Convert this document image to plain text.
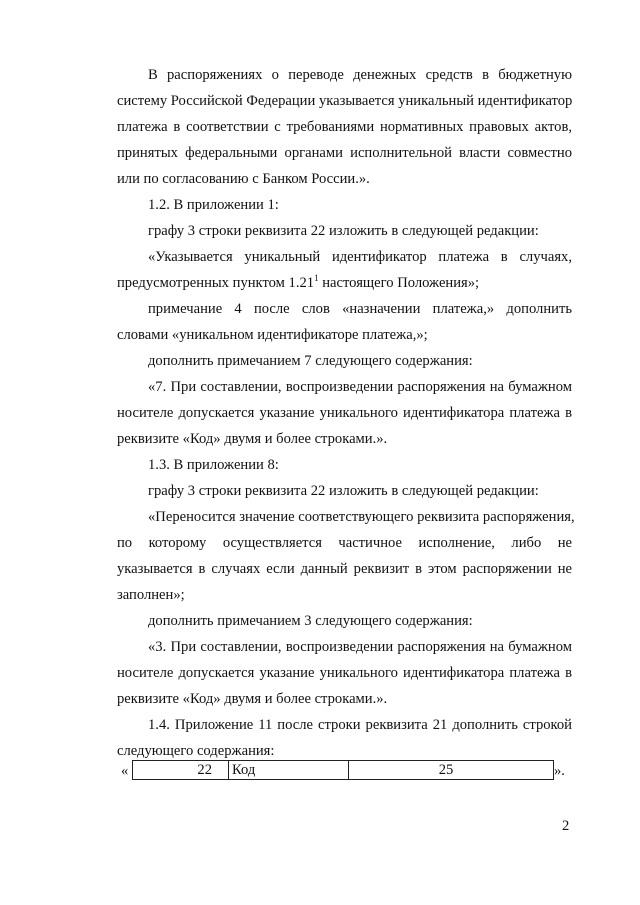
В распоряжениях о переводе денежных средств в бюджетную
систему Российской Федерации указывается уникальный идентификатор
платежа в соответствии с требованиями нормативных правовых актов,
принятых федеральными органами исполнительной власти совместно
или по согласованию с Банком России.».
1.2. В приложении 1:
графу 3 строки реквизита 22 изложить в следующей редакции:
«Указывается уникальный идентификатор платежа в случаях,
предусмотренных пунктом 1.21$^1$ настоящего Положения»;
примечание 4 после слов «назначении платежа,» дополнить
словами «уникальном идентификаторе платежа,»;
дополнить примечанием 7 следующего содержания:
«7. При составлении, воспроизведении распоряжения на бумажном
носителе допускается указание уникального идентификатора платежа в
реквизите «Код» двумя и более строками.».
1.3. В приложении 8:
графу 3 строки реквизита 22 изложить в следующей редакции:
«Переносится значение соответствующего реквизита распоряжения,
по которому осуществляется частичное исполнение, либо не
указывается в случаях если данный реквизит в этом распоряжении не
заполнен»;
дополнить примечанием 3 следующего содержания:
«3. При составлении, воспроизведении распоряжения на бумажном
носителе допускается указание уникального идентификатора платежа в
реквизите «Код» двумя и более строками.».
1.4. Приложение 11 после строки реквизита 21 дополнить строкой
следующего содержания:
«	22	Код	25	».
2
